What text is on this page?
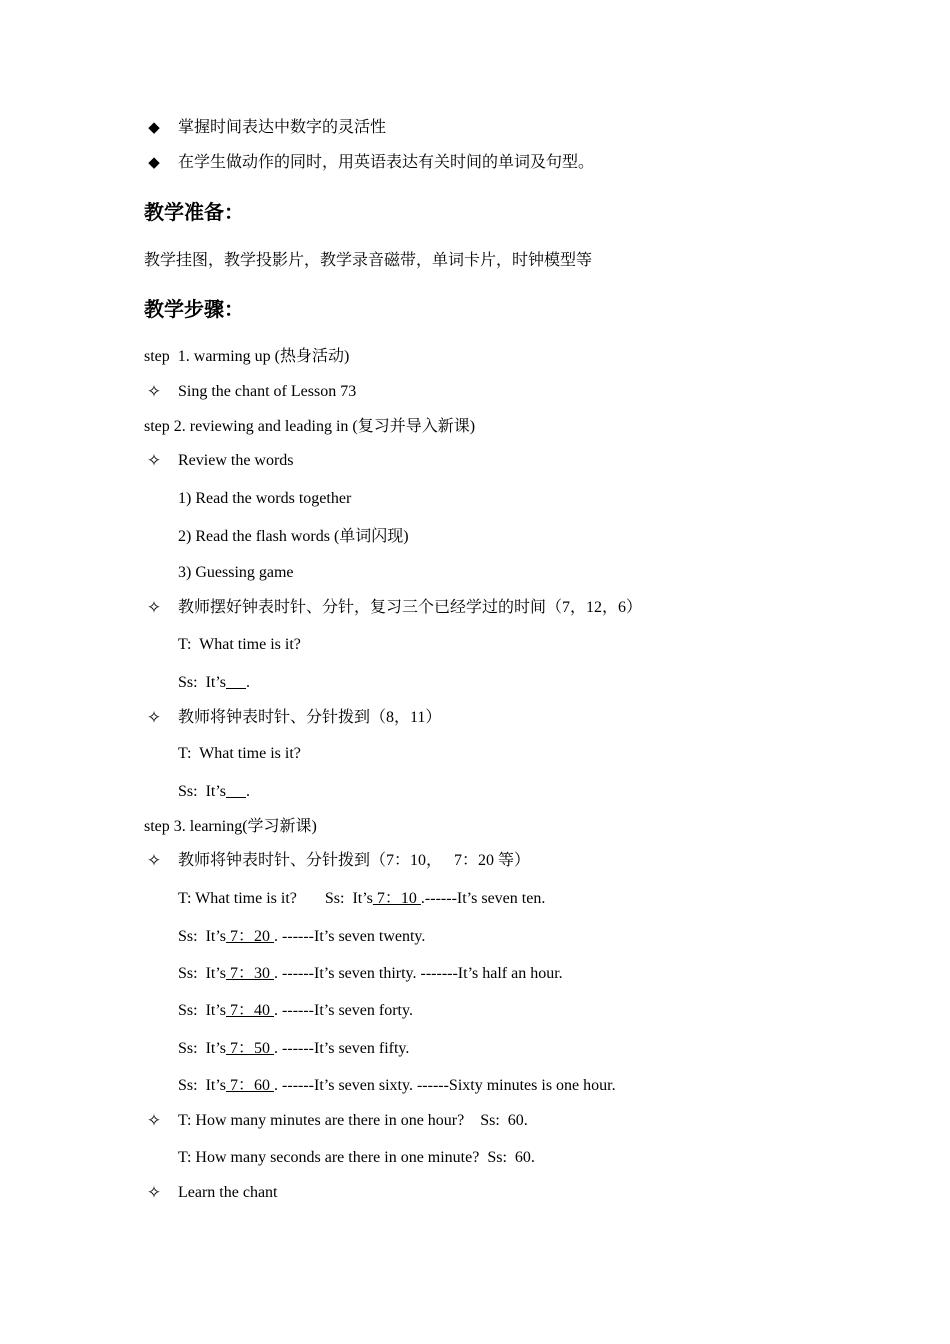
◆ 掌握时间表达中数字的灵活性
◆ 在学生做动作的同时，用英语表达有关时间的单词及句型。
教学准备：
教学挂图，教学投影片，教学录音磁带，单词卡片，时钟模型等
教学步骤：
step  1. warming up (热身活动)
✧ Sing the chant of Lesson 73
step 2. reviewing and leading in (复习并导入新课)
✧ Review the words
1) Read the words together
2) Read the flash words (单词闪现)
3) Guessing game
✧ 教师摆好钟表时针、分针，复习三个已经学过的时间（7，12，6）
T:  What time is it?
Ss:  It’s .
✧ 教师将钟表时针、分针拨到（8，11）
T:  What time is it?
Ss:  It’s .
step 3. learning(学习新课)
✧ 教师将钟表时针、分针拨到（7：10，   7：20 等）
T: What time is it?       Ss:  It’s 7：10 .------It’s seven ten.
Ss:  It’s 7：20 . ------It’s seven twenty.
Ss:  It’s 7：30 . ------It’s seven thirty. -------It’s half an hour.
Ss:  It’s 7：40 . ------It’s seven forty.
Ss:  It’s 7：50 . ------It’s seven fifty.
Ss:  It’s 7：60 . ------It’s seven sixty. ------Sixty minutes is one hour.
✧ T: How many minutes are there in one hour?    Ss:  60.
T: How many seconds are there in one minute?  Ss:  60.
✧ Learn the chant
